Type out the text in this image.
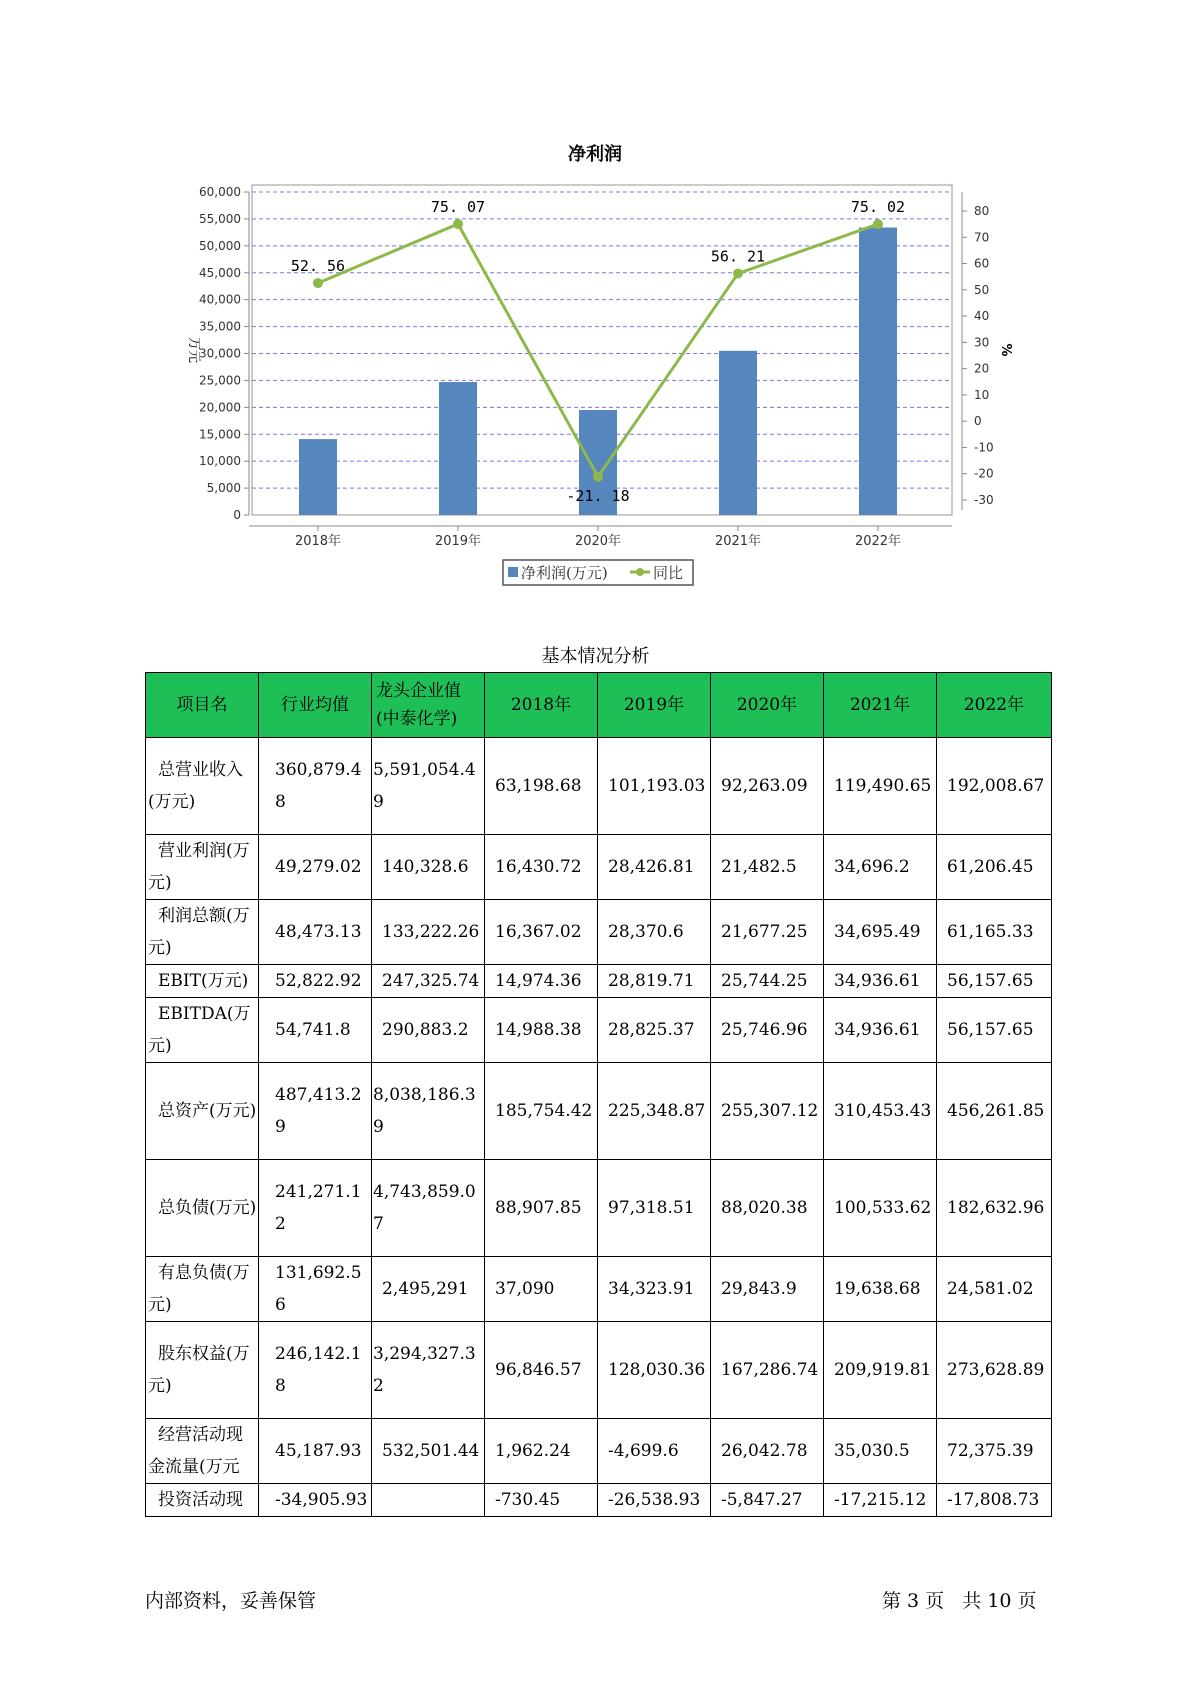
净利润
0
5,000
10,000
15,000
20,000
25,000
30,000
35,000
40,000
45,000
50,000
55,000
60,000
-30
-20
-10
0
10
20
30
40
50
60
70
80
2018年	2019年	2020年	2021年	2022年
52. 56
75. 07
-21. 18
56. 21
75. 02
万元	%
净利润(万元)	同比
基本情况分析
项目名	行业均值	龙头企业值(中泰化学)	2018年	2019年	2020年	2021年	2022年
总营业收入(万元)	360,879.48	5,591,054.49	63,198.68	101,193.03	92,263.09	119,490.65	192,008.67
营业利润(万元)	49,279.02	140,328.6	16,430.72	28,426.81	21,482.5	34,696.2	61,206.45
利润总额(万元)	48,473.13	133,222.26	16,367.02	28,370.6	21,677.25	34,695.49	61,165.33
EBIT(万元)	52,822.92	247,325.74	14,974.36	28,819.71	25,744.25	34,936.61	56,157.65
EBITDA(万元)	54,741.8	290,883.2	14,988.38	28,825.37	25,746.96	34,936.61	56,157.65
总资产(万元)	487,413.29	8,038,186.39	185,754.42	225,348.87	255,307.12	310,453.43	456,261.85
总负债(万元)	241,271.12	4,743,859.07	88,907.85	97,318.51	88,020.38	100,533.62	182,632.96
有息负债(万元)	131,692.56	2,495,291	37,090	34,323.91	29,843.9	19,638.68	24,581.02
股东权益(万元)	246,142.18	3,294,327.32	96,846.57	128,030.36	167,286.74	209,919.81	273,628.89
经营活动现金流量(万元	45,187.93	532,501.44	1,962.24	-4,699.6	26,042.78	35,030.5	72,375.39
投资活动现	-34,905.93		-730.45	-26,538.93	-5,847.27	-17,215.12	-17,808.73
内部资料，妥善保管	第 3 页   共 10 页
